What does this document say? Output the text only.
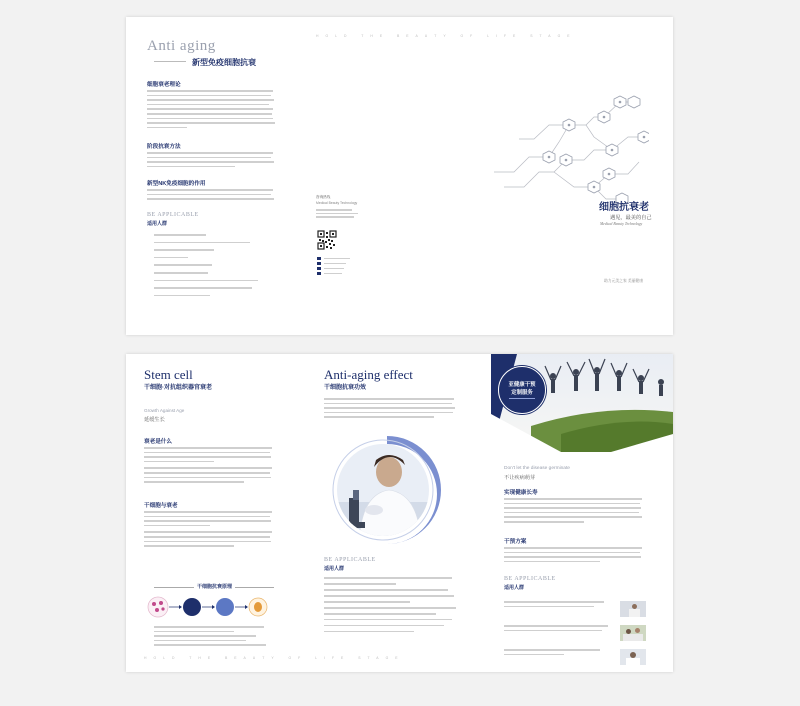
HOLD THE BEAUTY OF LIFE STAGE
Anti aging
新型免疫细胞抗衰
细胞衰老理论
阶段抗衰方法
新型NK免疫细胞的作用
BE APPLICABLE
适用人群
咨询热线
Medical Beauty Technology	细胞抗衰老
遇见，最美的自己
Medical Beauty Technology
助力元美之家 美丽健康
Stem cell
干细胞·对抗组织器官衰老
Growth Against Age
延缓生长
衰老是什么
干细胞与衰老
干细胞抗衰原理
Anti-aging effect
干细胞抗衰功效
BE APPLICABLE
适用人群
亚健康干预
定制服务
Don't let the disease germinate
不让疾病萌芽
实现健康长寿
干预方案
BE APPLICABLE
适用人群
HOLD THE BEAUTY OF LIFE STAGE
